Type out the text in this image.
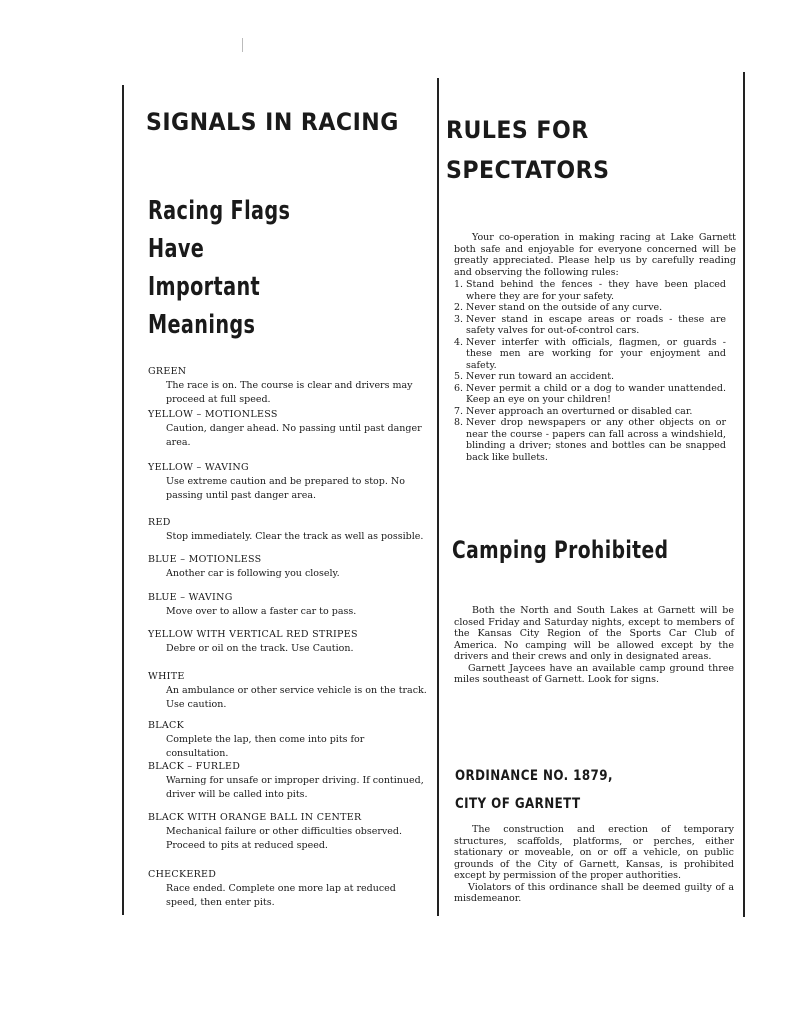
SIGNALS IN RACING
Racing Flags
Have
Important
Meanings
GREEN
The race is on. The course is clear and drivers may proceed at full speed.
YELLOW – MOTIONLESS
Caution, danger ahead. No passing until past danger area.
YELLOW – WAVING
Use extreme caution and be prepared to stop. No passing until past danger area.
RED
Stop immediately. Clear the track as well as possible.
BLUE – MOTIONLESS
Another car is following you closely.
BLUE – WAVING
Move over to allow a faster car to pass.
YELLOW WITH VERTICAL RED STRIPES
Debre or oil on the track. Use Caution.
WHITE
An ambulance or other service vehicle is on the track. Use caution.
BLACK
Complete the lap, then come into pits for consultation.
BLACK – FURLED
Warning for unsafe or improper driving. If continued, driver will be called into pits.
BLACK WITH ORANGE BALL IN CENTER
Mechanical failure or other difficulties observed. Proceed to pits at reduced speed.
CHECKERED
Race ended. Complete one more lap at reduced speed, then enter pits.
RULES FOR
SPECTATORS
Your co-operation in making racing at Lake Garnett both safe and enjoyable for everyone concerned will be greatly appreciated. Please help us by carefully reading and observing the following rules:
1. Stand behind the fences - they have been placed where they are for your safety.
2. Never stand on the outside of any curve.
3. Never stand in escape areas or roads - these are safety valves for out-of-control cars.
4. Never interfer with officials, flagmen, or guards - these men are working for your enjoyment and safety.
5. Never run toward an accident.
6. Never permit a child or a dog to wander unattended. Keep an eye on your children!
7. Never approach an overturned or disabled car.
8. Never drop newspapers or any other objects on or near the course - papers can fall across a windshield, blinding a driver; stones and bottles can be snapped back like bullets.
Camping Prohibited
Both the North and South Lakes at Garnett will be closed Friday and Saturday nights, except to members of the Kansas City Region of the Sports Car Club of America. No camping will be allowed except by the drivers and their crews and only in designated areas.
Garnett Jaycees have an available camp ground three miles southeast of Garnett. Look for signs.
ORDINANCE NO. 1879,
CITY OF GARNETT
The construction and erection of temporary structures, scaffolds, platforms, or perches, either stationary or moveable, on or off a vehicle, on public grounds of the City of Garnett, Kansas, is prohibited except by permission of the proper authorities.
Violators of this ordinance shall be deemed guilty of a misdemeanor.
